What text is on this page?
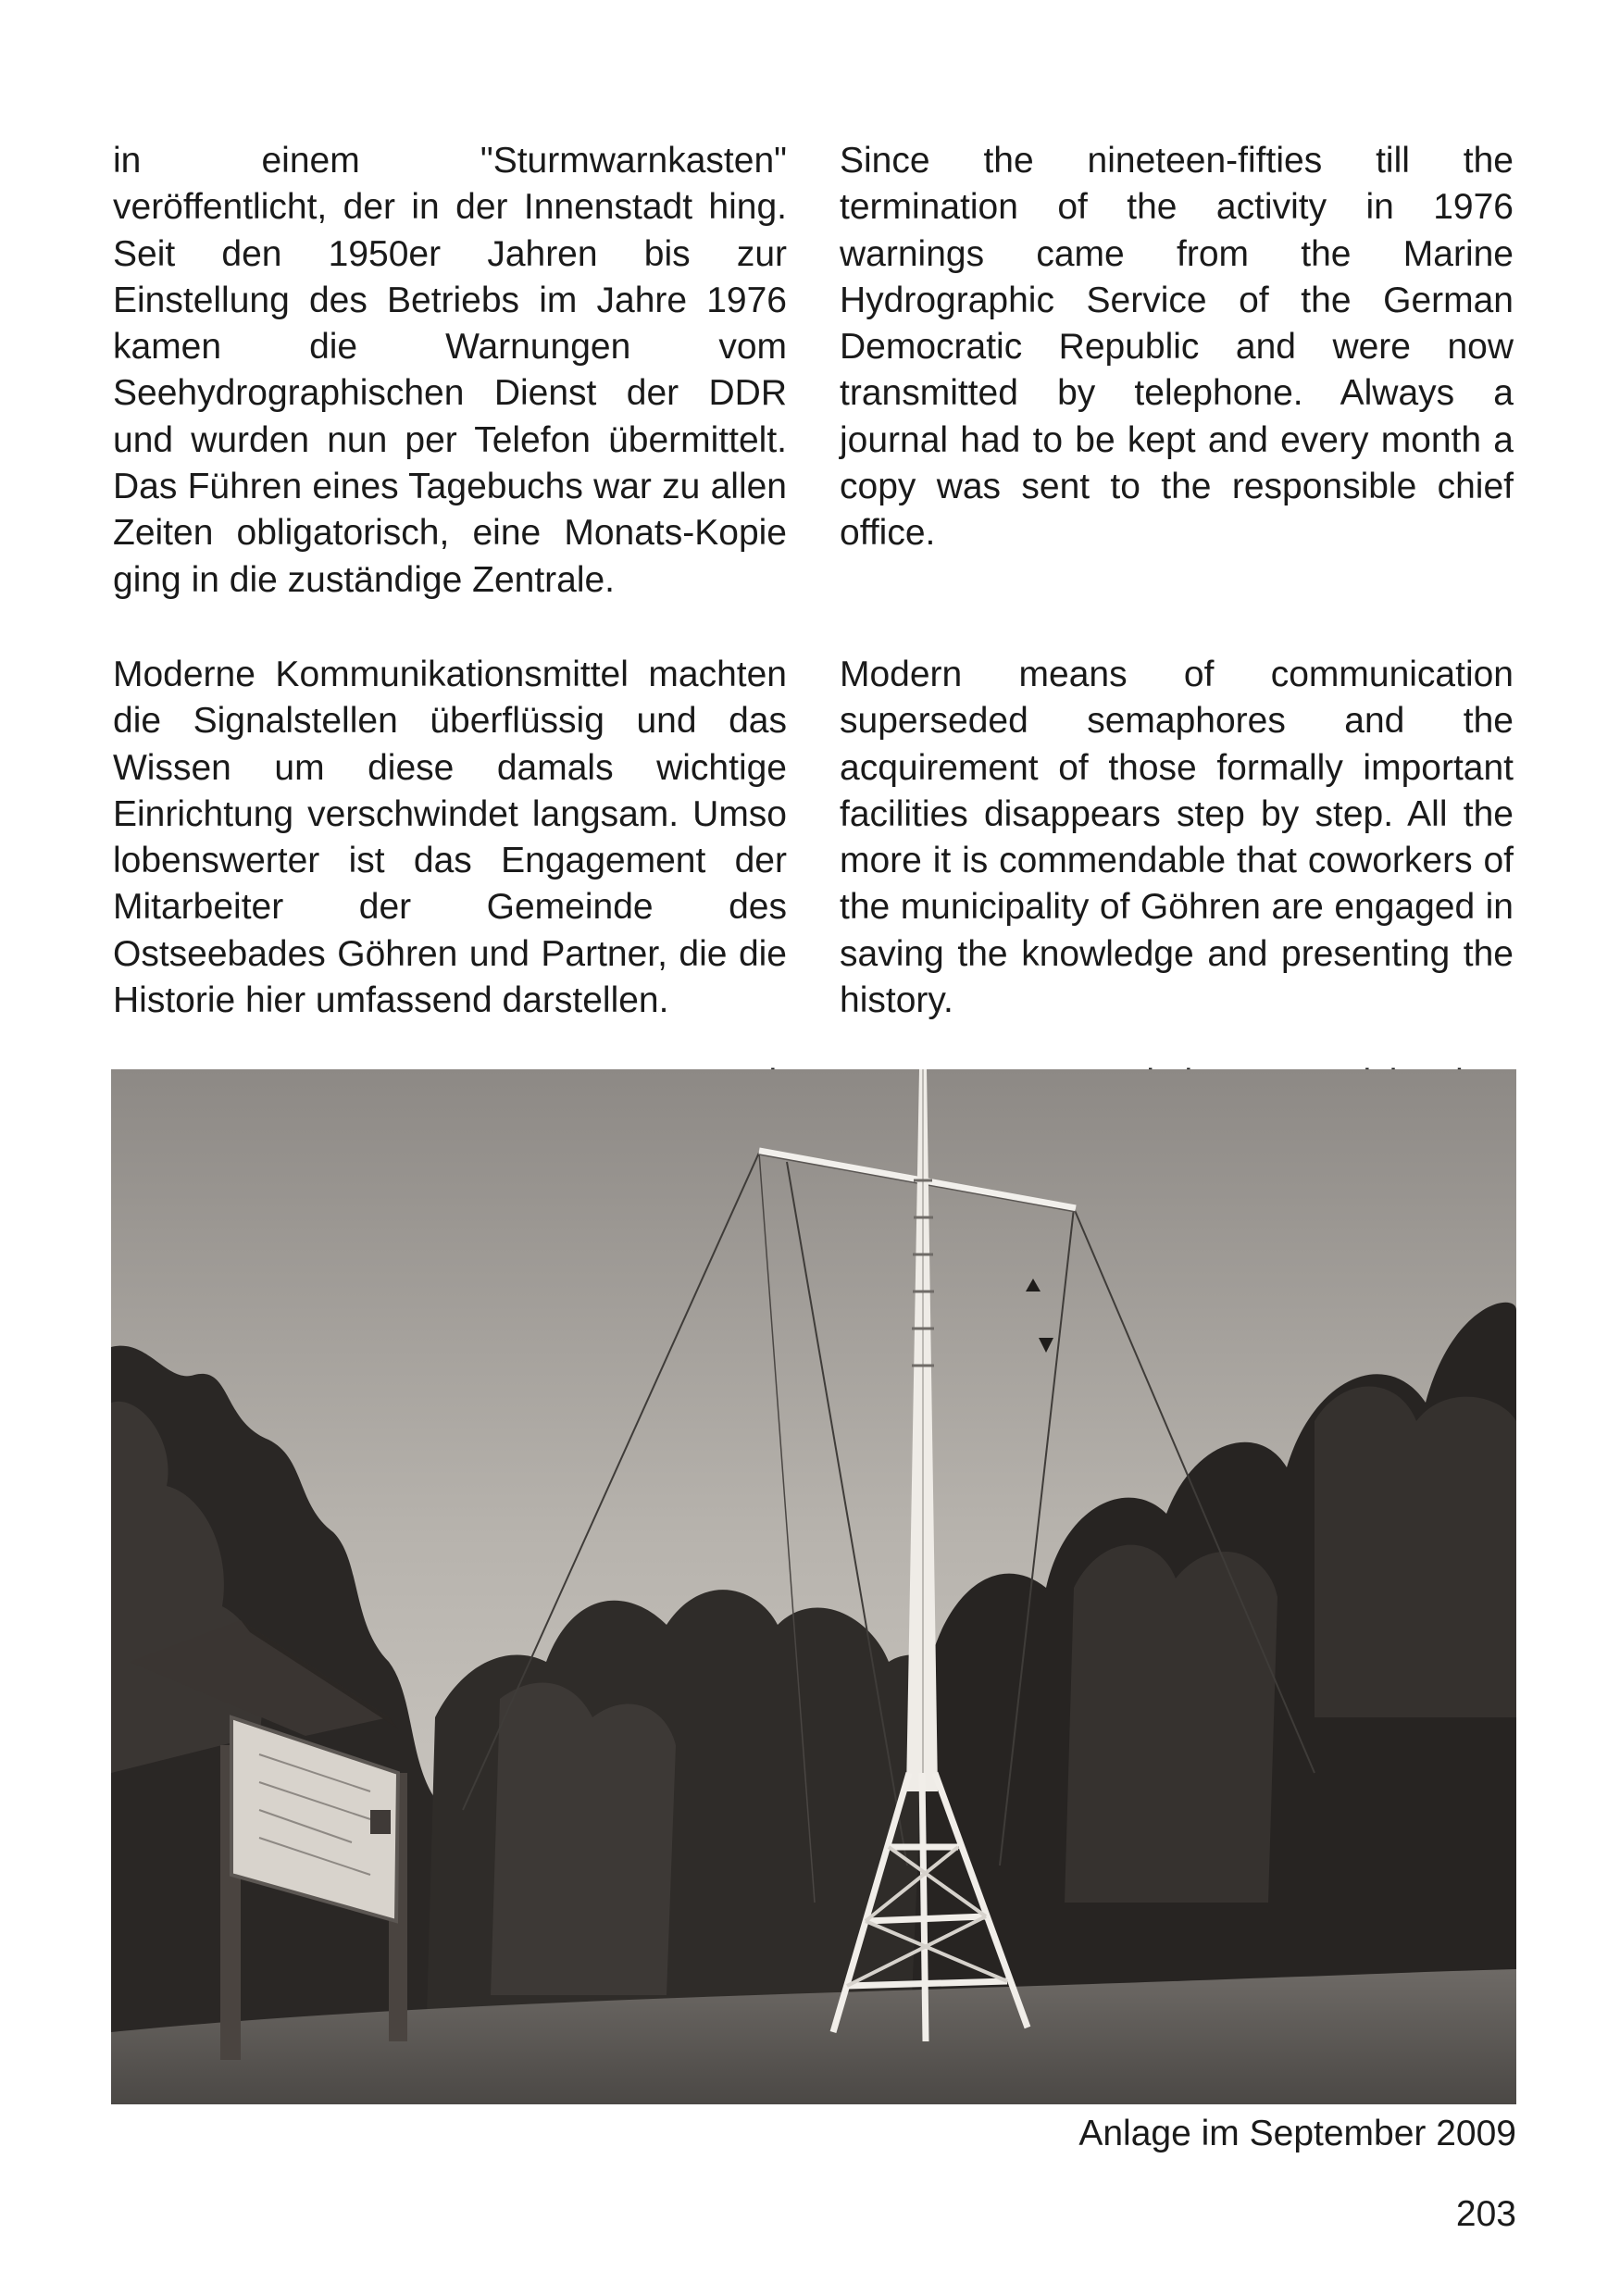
in einem "Sturmwarnkasten" veröffentlicht, der in der Innenstadt hing. Seit den 1950er Jahren bis zur Einstellung des Betriebs im Jahre 1976 kamen die Warnungen vom Seehydrographischen Dienst der DDR und wurden nun per Telefon übermittelt. Das Führen eines Tagebuchs war zu allen Zeiten obligatorisch, eine Monats-Kopie ging in die zuständige Zentrale.

Since the nineteen-fifties till the termination of the activity in 1976 warnings came from the Marine Hydrographic Service of the German Democratic Republic and were now transmitted by telephone. Always a journal had to be kept and every month a copy was sent to the responsible chief office.

Moderne Kommunikationsmittel machten die Signalstellen überflüssig und das Wissen um diese damals wichtige Einrichtung verschwindet langsam. Umso lobenswerter ist das Engagement der Mitarbeiter der Gemeinde des Ostseebades Göhren und Partner, die die Historie hier umfassend darstellen.

Modern means of communication superseded semaphores and the acquirement of those formally important facilities disappears step by step. All the more it is commendable that coworkers of the municipality of Göhren are engaged in saving the knowledge and presenting the history.

Anlage im September 2009
203
